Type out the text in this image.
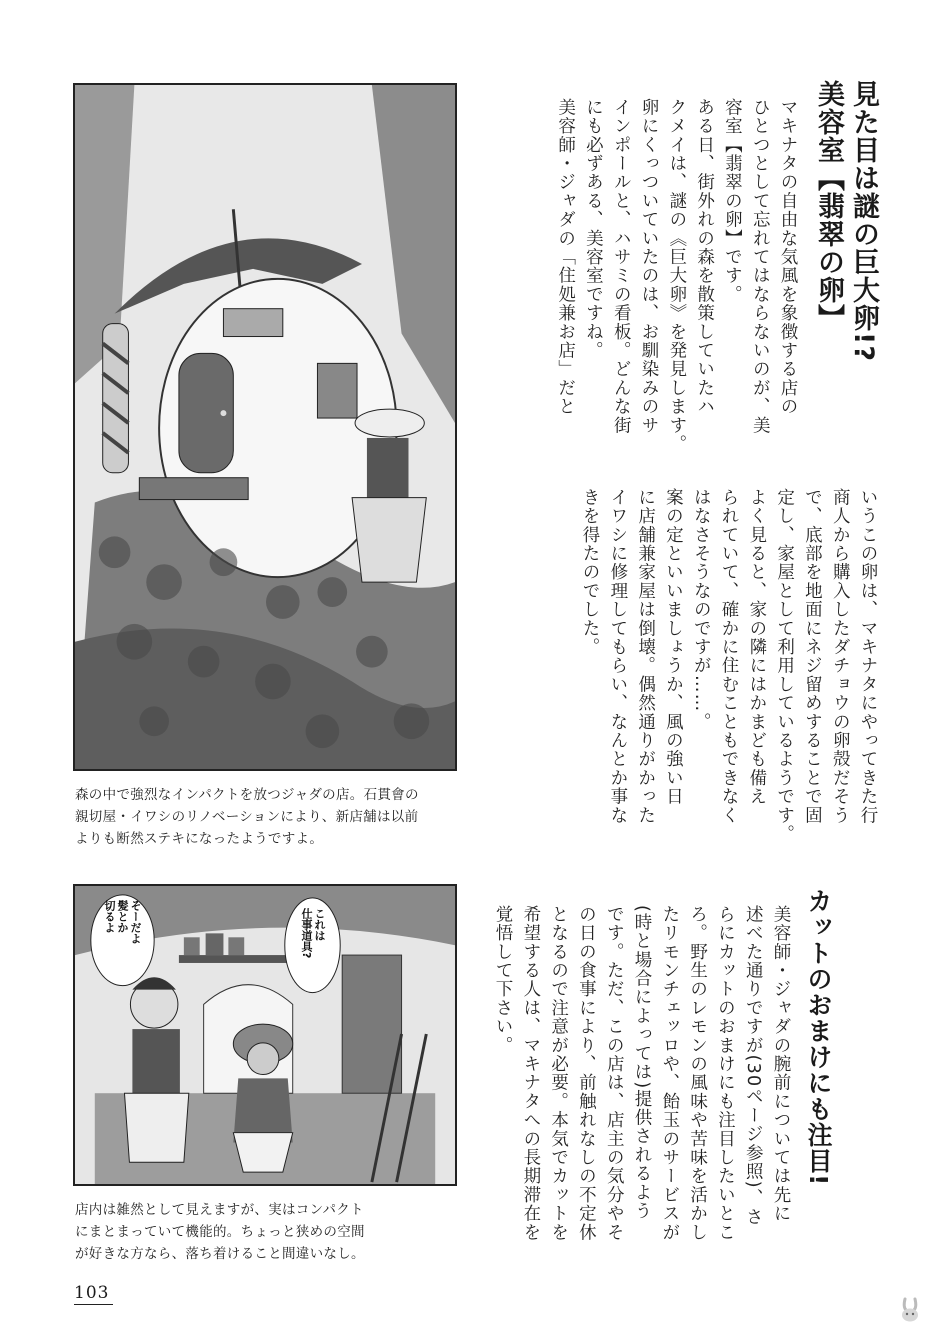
森の中で強烈なインパクトを放つジャダの店。石貫會の
親切屋・イワシのリノベーションにより、新店舗は以前
よりも断然ステキになったようですよ。
そーだよ
髪とか
切るよ	これは
仕事道具?
店内は雑然として見えますが、実はコンパクト
にまとまっていて機能的。ちょっと狭めの空間
が好きな方なら、落ち着けること間違いなし。
見た目は謎の巨大卵!?
美容室【翡翠の卵】
マキナタの自由な気風を象徴する店の
ひとつとして忘れてはならないのが、美
容室【翡翠の卵】です。
ある日、街外れの森を散策していたハ
クメイは、謎の《巨大卵》を発見します。
卵にくっついていたのは、お馴染みのサ
インポールと、ハサミの看板。どんな街
にも必ずある、美容室ですね。
美容師・ジャダの「住処兼お店」だと
いうこの卵は、マキナタにやってきた行
商人から購入したダチョウの卵殻だそう
で、底部を地面にネジ留めすることで固
定し、家屋として利用しているようです。
よく見ると、家の隣にはかまども備え
られていて、確かに住むこともできなく
はなさそうなのですが……。
案の定といいましょうか、風の強い日
に店舗兼家屋は倒壊。偶然通りがかった
イワシに修理してもらい、なんとか事な
きを得たのでした。
カットのおまけにも注目!
美容師・ジャダの腕前については先に
述べた通りですが(30ページ参照)、さ
らにカットのおまけにも注目したいとこ
ろ。野生のレモンの風味や苦味を活かし
たリモンチェッロや、飴玉のサービスが
(時と場合によっては)提供されるよう
です。ただ、この店は、店主の気分やそ
の日の食事により、前触れなしの不定休
となるので注意が必要。本気でカットを
希望する人は、マキナタへの長期滞在を
覚悟して下さい。
103
